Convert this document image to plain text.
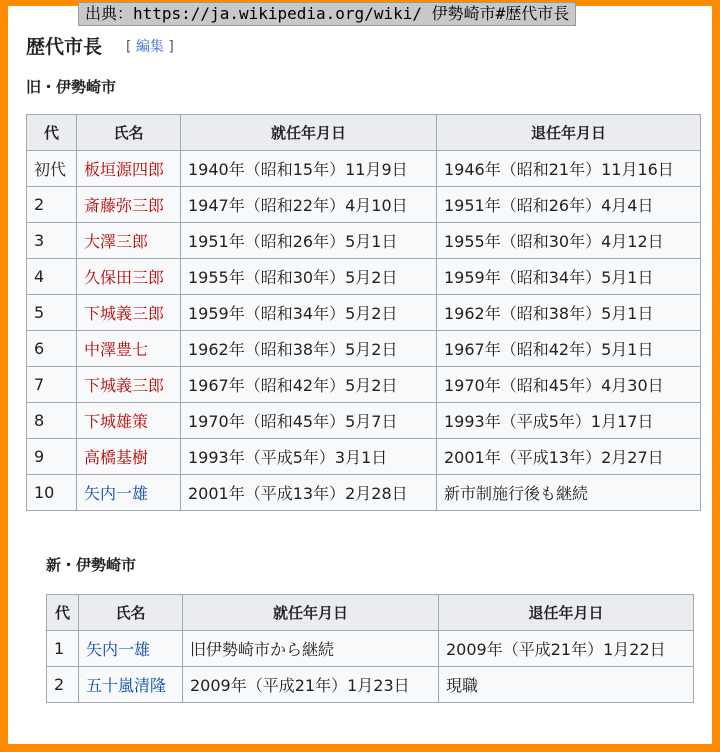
歴代市長 [ 編集 ]
旧・伊勢崎市
代	氏名	就任年月日	退任年月日
初代	板垣源四郎	1940年（昭和15年）11月9日	1946年（昭和21年）11月16日
2	斎藤弥三郎	1947年（昭和22年）4月10日	1951年（昭和26年）4月4日
3	大澤三郎	1951年（昭和26年）5月1日	1955年（昭和30年）4月12日
4	久保田三郎	1955年（昭和30年）5月2日	1959年（昭和34年）5月1日
5	下城義三郎	1959年（昭和34年）5月2日	1962年（昭和38年）5月1日
6	中澤豊七	1962年（昭和38年）5月2日	1967年（昭和42年）5月1日
7	下城義三郎	1967年（昭和42年）5月2日	1970年（昭和45年）4月30日
8	下城雄策	1970年（昭和45年）5月7日	1993年（平成5年）1月17日
9	高橋基樹	1993年（平成5年）3月1日	2001年（平成13年）2月27日
10	矢内一雄	2001年（平成13年）2月28日	新市制施行後も継続
新・伊勢崎市
代	氏名	就任年月日	退任年月日
1	矢内一雄	旧伊勢崎市から継続	2009年（平成21年）1月22日
2	五十嵐清隆	2009年（平成21年）1月23日	現職
出典：https://ja.wikipedia.org/wiki/ 伊勢崎市#歴代市長
